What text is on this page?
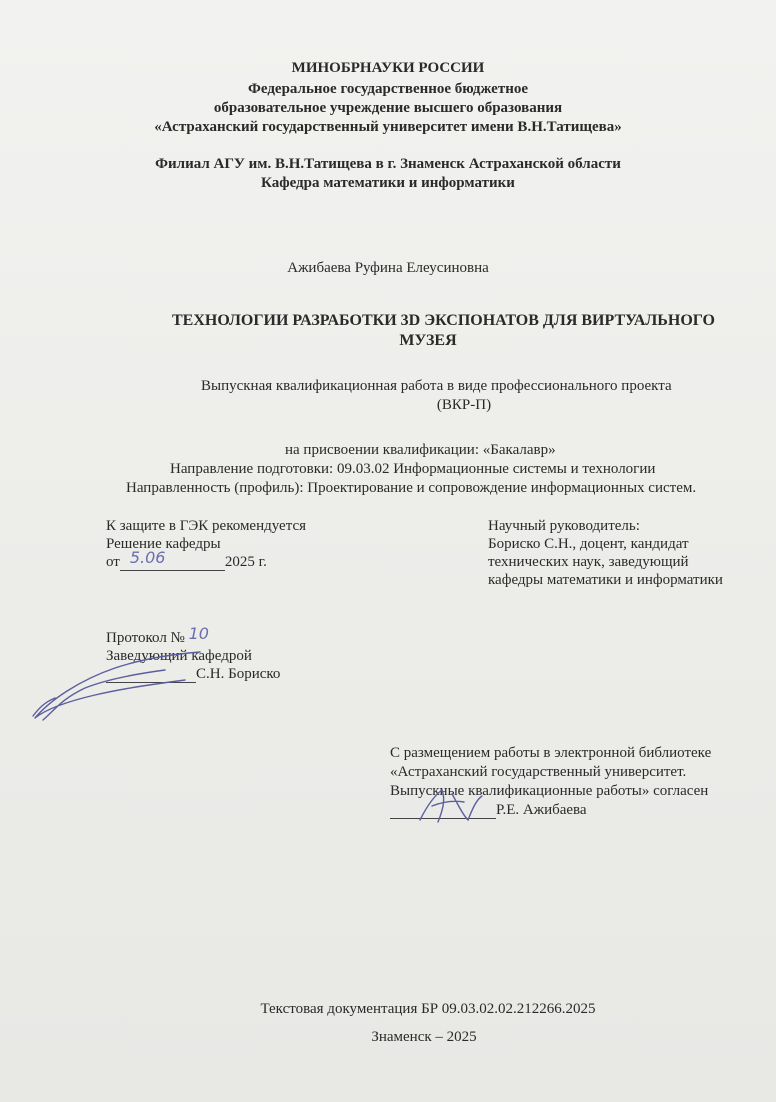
МИНОБРНАУКИ РОССИИ
Федеральное государственное бюджетное
образовательное учреждение высшего образования
«Астраханский государственный университет имени В.Н.Татищева»
Филиал АГУ им. В.Н.Татищева в г. Знаменск Астраханской области
Кафедра математики и информатики
Ажибаева Руфина Елеусиновна
ТЕХНОЛОГИИ РАЗРАБОТКИ 3D ЭКСПОНАТОВ ДЛЯ ВИРТУАЛЬНОГО
МУЗЕЯ
Выпускная квалификационная работа в виде профессионального проекта
(ВКР-П)
на присвоении квалификации: «Бакалавр»
Направление подготовки: 09.03.02 Информационные системы и технологии
Направленность (профиль): Проектирование и сопровождение информационных систем.
К защите в ГЭК рекомендуется
Решение кафедры
от 5.06	2025 г.
Научный руководитель:
Бориско С.Н., доцент, кандидат
технических наук, заведующий
кафедры математики и информатики
Протокол № 10
Заведующий кафедрой
С.Н. Бориско
С размещением работы в электронной библиотеке
«Астраханский государственный университет.
Выпускные квалификационные работы» согласен
Р.Е. Ажибаева
Текстовая документация БР 09.03.02.02.212266.2025
Знаменск – 2025
